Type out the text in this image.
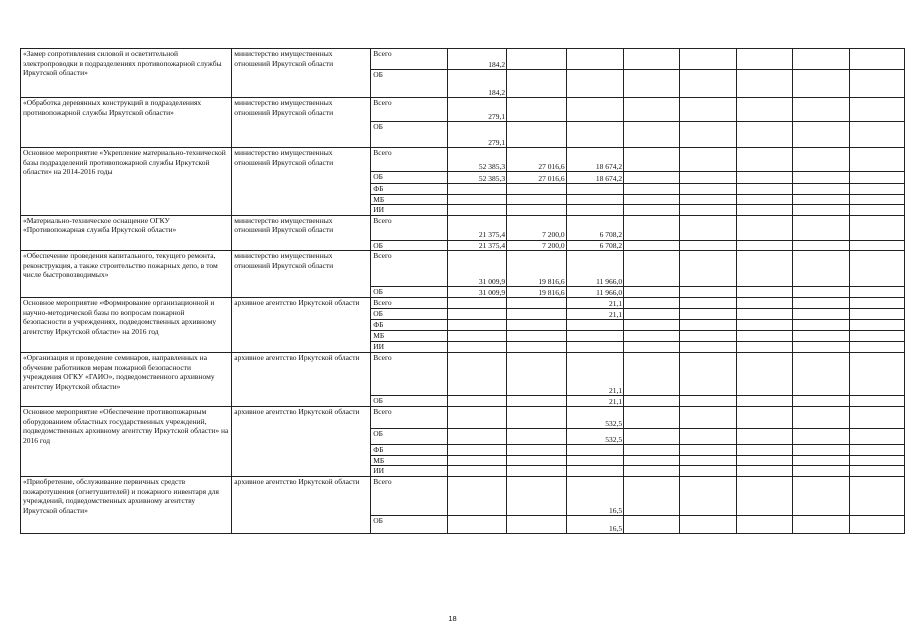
«Замер сопротивления силовой и осветительной электропроводки в подразделениях противопожарной службы Иркутской области»	министерство имущественных отношений Иркутской области	Всего	184,2							
		ОБ	184,2							
«Обработка деревянных конструкций в подразделениях противопожарной службы Иркутской области»	министерство имущественных отношений Иркутской области	Всего	279,1							
		ОБ	279,1							
Основное мероприятие «Укрепление материально-технической базы подразделений противопожарной службы Иркутской области» на 2014-2016 годы	министерство имущественных отношений Иркутской области	Всего	52 385,3	27 016,6	18 674,2					
		ОБ	52 385,3	27 016,6	18 674,2					
		ФБ								
		МБ								
		ИИ								
«Материально-техническое оснащение ОГКУ «Противопожарная служба Иркутской области»	министерство имущественных отношений Иркутской области	Всего	21 375,4	7 200,0	6 708,2					
		ОБ	21 375,4	7 200,0	6 708,2					
«Обеспечение проведения капитального, текущего ремонта, реконструкция, а также строительство пожарных депо, в том числе быстровозводимых»	министерство имущественных отношений Иркутской области	Всего	31 009,9	19 816,6	11 966,0					
		ОБ	31 009,9	19 816,6	11 966,0					
Основное мероприятие «Формирование организационной и научно-методической базы по вопросам пожарной безопасности в учреждениях, подведомственных архивному агентству Иркутской области» на 2016 год	архивное агентство Иркутской области	Всего			21,1					
		ОБ			21,1					
		ФБ								
		МБ								
		ИИ								
«Организация и проведение семинаров, направленных на обучение работников мерам пожарной безопасности учреждения ОГКУ «ГАИО», подведомственного архивному агентству Иркутской области»	архивное агентство Иркутской области	Всего			21,1					
		ОБ			21,1					
Основное мероприятие «Обеспечение противопожарным оборудованием областных государственных учреждений, подведомственных архивному агентству Иркутской области» на 2016 год	архивное агентство Иркутской области	Всего			532,5					
		ОБ			532,5					
		ФБ								
		МБ								
		ИИ								
«Приобретение, обслуживание первичных средств пожаротушения (огнетушителей) и пожарного инвентаря для учреждений, подведомственных архивному агентству Иркутской области»	архивное агентство Иркутской области	Всего			16,5					
		ОБ			16,5					
18
